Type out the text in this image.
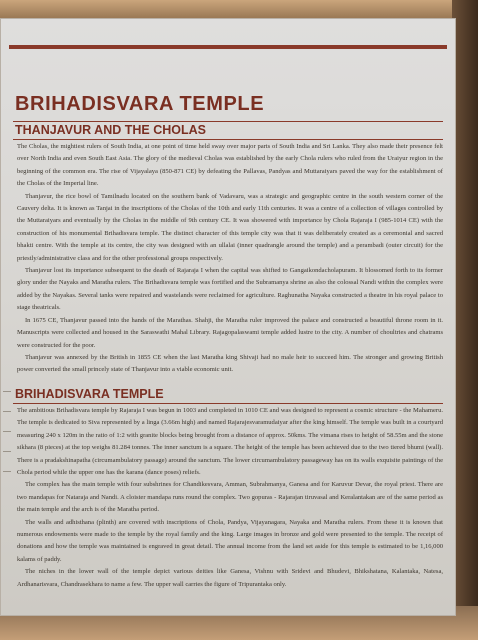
BRIHADISVARA TEMPLE
THANJAVUR AND THE CHOLAS

The Cholas, the mightiest rulers of South India, at one point of time held sway over major parts of South India and Sri Lanka. They also made their presence felt over North India and even South East Asia. The glory of the medieval Cholas was established by the early Chola rulers who ruled from the Uraiyur region in the beginning of the common era. The rise of Vijayalaya (850-871 CE) by defeating the Pallavas, Pandyas and Muttaraiyars paved the way for the establishment of the Cholas of the Imperial line.

Thanjavur, the rice bowl of Tamilnadu located on the southern bank of Vadavaru, was a strategic and geographic centre in the south western corner of the Cauvery delta. It is known as Tanjai in the inscriptions of the Cholas of the 10th and early 11th centuries. It was a centre of a collection of villages controlled by the Muttaraiyars and eventually by the Cholas in the middle of 9th century CE. It was showered with importance by Chola Rajaraja I (985-1014 CE) with the construction of his monumental Brihadisvara temple. The distinct character of this temple city was that it was deliberately created as a ceremonial and sacred bhakti centre. With the temple at its centre, the city was designed with an ullalai (inner quadrangle around the temple) and a perambadi (outer circuit) for the priestly/administrative class and for the other professional groups respectively.

Thanjavur lost its importance subsequent to the death of Rajaraja I when the capital was shifted to Gangaikondacholapuram. It blossomed forth to its former glory under the Nayaks and Maratha rulers. The Brihadisvara temple was fortified and the Subramanya shrine as also the colossal Nandi within the complex were added by the Nayakas. Several tanks were repaired and wastelands were reclaimed for agriculture. Raghunatha Nayaka constructed a theatre in his royal palace to stage theatricals.

In 1675 CE, Thanjavur passed into the hands of the Marathas. Shahji, the Maratha ruler improved the palace and constructed a beautiful throne room in it. Manuscripts were collected and housed in the Saraswathi Mahal Library. Rajagopalaswami temple added lustre to the city. A number of choultries and chatrams were constructed for the poor.

Thanjavur was annexed by the British in 1855 CE when the last Maratha king Shivaji had no male heir to succeed him. The stronger and growing British power converted the small princely state of Thanjavur into a viable economic unit.

BRIHADISVARA TEMPLE

The ambitious Brihadisvara temple by Rajaraja I was begun in 1003 and completed in 1010 CE and was designed to represent a cosmic structure - the Mahameru. The temple is dedicated to Siva represented by a linga (3.66m high) and named Rajarajesvaramudaiyar after the king himself. The temple was built in a courtyard measuring 240 x 120m in the ratio of 1:2 with granite blocks being brought from a distance of approx. 50kms. The vimana rises to height of 58.55m and the stone sikhara (8 pieces) at the top weighs 81.284 tonnes. The inner sanctum is a square. The height of the temple has been achieved due to the two tiered bhumi (wall). There is a pradakshinapatha (circumambulatory passage) around the sanctum. The lower circumambulatory passageway has on its walls exquisite paintings of the Chola period while the upper one has the karana (dance poses) reliefs.

The complex has the main temple with four subshrines for Chandikesvara, Amman, Subrahmanya, Ganesa and for Karuvur Devar, the royal priest. There are two mandapas for Nataraja and Nandi. A cloister mandapa runs round the complex. Two gopuras - Rajarajan tiruvasal and Keralantakan are of the same period as the main temple and the arch is of the Maratha period.

The walls and adhisthana (plinth) are covered with inscriptions of Chola, Pandya, Vijayanagara, Nayaka and Maratha rulers. From these it is known that numerous endowments were made to the temple by the royal family and the king. Large images in bronze and gold were presented to the temple. The receipt of donations and how the temple was maintained is engraved in great detail. The annual income from the land set aside for this temple is estimated to be 1,16,000 kalams of paddy.

The niches in the lower wall of the temple depict various deities like Ganesa, Vishnu with Sridevi and Bhudevi, Bhikshatana, Kalantaka, Natesa, Ardhanarisvara, Chandrasekhara to name a few. The upper wall carries the figure of Tripurantaka only.
